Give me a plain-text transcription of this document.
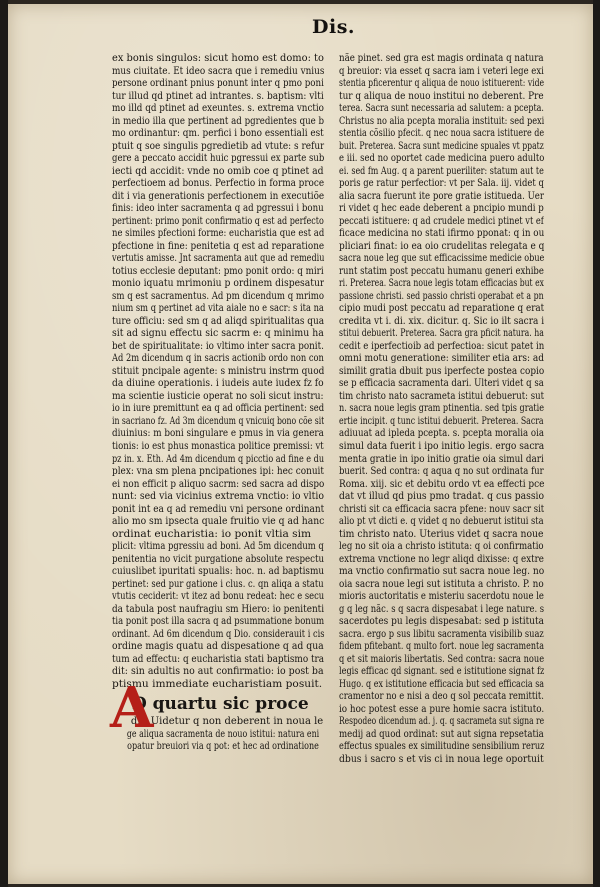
Dis.
ex bonis singulos: sicut homo est domo: to
mus ciuitate. Et ideo sacra que i remediu vnius
persone ordinant pnius ponunt inter q pmo poni
tur illud qd ptinet ad intrantes. s. baptism: vlti
mo illd qd ptinet ad exeuntes. s. extrema vnctio
in medio illa que pertinent ad pgredientes que b
mo ordinantur: qm. perfici i bono essentiali est
ptuit q soe singulis pgredietib ad vtute: s refur
gere a peccato accidit huic pgressui ex parte sub
iecti qd accidit: vnde no omib coe q ptinet ad
perfectioem ad bonus. Perfectio in forma proce
dit i via generationis perfectionem in executiõe
finis: ideo inter sacramenta q ad pgressui i bonu
pertinent: primo ponit confirmatio q est ad perfecto
ne similes pfectioni forme: eucharistia que est ad
pfectione in fine: penitetia q est ad reparatione
vertutis amisse. Jnt sacramenta aut que ad remediu
totius ecclesie deputant: pmo ponit ordo: q miri
monio iquatu mrimoniu p ordinem dispesatur
sm q est sacramentus. Ad pm dicendum q mrimo
nium sm q pertinet ad vita aiale no e sacr: s ita na
ture officiu: sed sm q ad aliqd spiritualitas qua
sit ad signu effectu sic sacrm e: q minimu ha
bet de spiritualitate: io vltimo inter sacra ponit.
Ad 2m dicendum q in sacris actionib ordo non con
stituit pncipale agente: s ministru instrm quod
da diuine operationis. i iudeis aute iudex fz fo
ma scientie iusticie operat no soli sicut instru:
io in iure premittunt ea q ad officia pertinent: sed
in sacriano fz. Ad 3m dicendum q vnicuiq bono cõe sit
diuinius: m boni singulare e pmus in via genera
tionis: io est phus monastica politice premissi: vt
pz in. x. Eth. Ad 4m dicendum q picctio ad fine e du
plex: vna sm plena pncipationes ipi: hec conuit
ei non efficit p aliquo sacrm: sed sacra ad dispo
nunt: sed via vicinius extrema vnctio: io vltio
ponit int ea q ad remediu vni persone ordinant
alio mo sm ipsecta quale fruitio vie q ad hanc
ordinat eucharistia: io ponit vltia sim
plicit: vltima pgressiu ad boni. Ad 5m dicendum q
penitentia no vicit purgatione absolute respectu
cuiuslibet ipuritati spualis: hoc. n. ad baptismu
pertinet: sed pur gatione i clus. c. qn aliqa a statu
vtutis ceciderit: vt itez ad bonu redeat: hec e secu
da tabula post naufragiu sm Hiero: io penitenti
tia ponit post illa sacra q ad psummatione bonum
ordinant. Ad 6m dicendum q Dio. considerauit i cis
ordine magis quatu ad dispesatione q ad qua
tum ad effectu: q eucharistia stati baptismo tra
dit: sin adultis no aut confirmatio: io post ba
ptismu immediate eucharistiam posuit.
D quartu sic proce
dit. Uidetur q non deberent in noua le
ge aliqua sacramenta de nouo istitui: natura eni
opatur breuiori via q pot: et hec ad ordinatione
nãe pinet. sed gra est magis ordinata q natura
q breuior: via esset q sacra iam i veteri lege exi
stentia pficerentur q aliqua de nouo istituerent: vide
tur q aliqua de nouo institui no deberent. Pre
terea. Sacra sunt necessaria ad salutem: a pcepta.
Christus no alia pcepta moralia instituit: sed pexi
stentia cõsilio pfecit. q nec noua sacra istituere de
buit. Preterea. Sacra sunt medicine spuales vt ppatz
e iii. sed no oportet cade medicina puero adulto
ei. sed fm Aug. q a parent pueriliter: statum aut te
poris ge ratur perfectior: vt per Sala. iij. videt q
alia sacra fuerunt ite pore gratie istitueda. Uer
ri videt q hec eade deberent a pncipio mundi p
peccati istituere: q ad crudele medici ptinet vt ef
ficace medicina no stati ifirmo pponat: q in ou
pliciari finat: io ea oio crudelitas relegata e q
sacra noue leg que sut efficacissime medicie obue
runt statim post peccatu humanu generi exhibe
ri. Preterea. Sacra noue legis totam efficacias but ex
passione christi. sed passio christi operabat et a pn
cipio mudi post peccatu ad reparatione q erat
credita vt i. di. xix. dicitur. q. Sic io ilt sacra i
stitui debuerit. Preterea. Sacra gra pficit natura. ha
cedit e iperfectioib ad perfectioa: sicut patet in
omni motu generatione: similiter etia ars: ad
similit gratia dbuit pus iperfecte postea copio
se p efficacia sacramenta dari. Ulteri videt q sa
tim christo nato sacrameta istitui debuerut: sut
n. sacra noue legis gram ptinentia. sed tpis gratie
ertie incipit. q tunc istitui debuerit. Preterea. Sacra
adiuuat ad ipleda pcepta. s. pcepta moralia oia
simul data fuerit i ipo initio legis. ergo sacra
menta gratie in ipo initio gratie oia simul dari
buerit. Sed contra: q aqua q no sut ordinata fur
Roma. xiij. sic et debitu ordo vt ea effecti pce
dat vt illud qd pius pmo tradat. q cus passio
christi sit ca efficacia sacra pfene: nouv sacr sit
alio pt vt dicti e. q videt q no debuerut istitui sta
tim christo nato. Uterius videt q sacra noue
leg no sit oia a christo istituta: q oi confirmatio
extrema vnctione no legr aliqd dixisse: q extre
ma vnctio confirmatio sut sacra noue leg. no
oia sacra noue legi sut istituta a christo. P. no
mioris auctoritatis e misteriu sacerdotu noue le
g q leg nãc. s q sacra dispesabat i lege nature. s
sacerdotes pu legis dispesabat: sed p istituta
sacra. ergo p sus libitu sacramenta visibilib suaz
fidem pfitebant. q multo fort. noue leg sacramenta
q et sit maioris libertatis. Sed contra: sacra noue
legis efficac qd signant. sed e istitutione signat fz
Hugo. q ex istitutione efficacia but sed efficacia sa
cramentor no e nisi a deo q sol peccata remittit.
io hoc potest esse a pure homie sacra istituto.
Respodeo dicendum ad. j. q. q sacrameta sut signa re
medij ad quod ordinat: sut aut signa repsetatia
effectus spuales ex similitudine sensibilium reruz
dbus i sacro s et vis ci in noua lege oportuit
A
